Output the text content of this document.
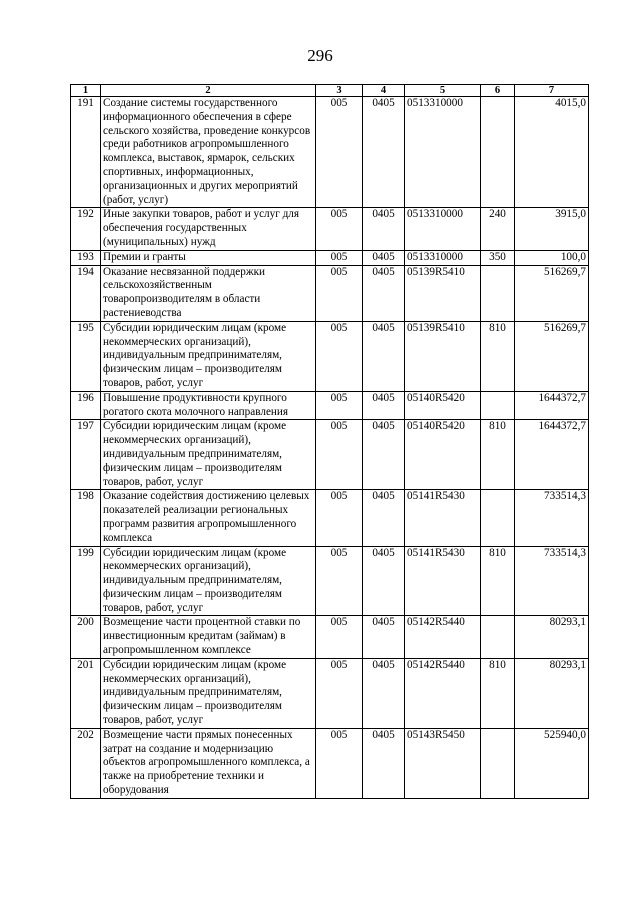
296
1	2	3	4	5	6	7
191	Создание системы государственного информационного обеспечения в сфере сельского хозяйства, проведение конкурсов среди работников агропромышленного комплекса, выставок, ярмарок, сельских спортивных, информационных, организационных и других мероприятий (работ, услуг)	005	0405	0513310000		4015,0
192	Иные закупки товаров, работ и услуг для обеспечения государственных (муниципальных) нужд	005	0405	0513310000	240	3915,0
193	Премии и гранты	005	0405	0513310000	350	100,0
194	Оказание несвязанной поддержки сельскохозяйственным товаропроизводителям в области растениеводства	005	0405	05139R5410		516269,7
195	Субсидии юридическим лицам (кроме некоммерческих организаций), индивидуальным предпринимателям, физическим лицам – производителям товаров, работ, услуг	005	0405	05139R5410	810	516269,7
196	Повышение продуктивности крупного рогатого скота молочного направления	005	0405	05140R5420		1644372,7
197	Субсидии юридическим лицам (кроме некоммерческих организаций), индивидуальным предпринимателям, физическим лицам – производителям товаров, работ, услуг	005	0405	05140R5420	810	1644372,7
198	Оказание содействия достижению целевых показателей реализации региональных программ развития агропромышленного комплекса	005	0405	05141R5430		733514,3
199	Субсидии юридическим лицам (кроме некоммерческих организаций), индивидуальным предпринимателям, физическим лицам – производителям товаров, работ, услуг	005	0405	05141R5430	810	733514,3
200	Возмещение части процентной ставки по инвестиционным кредитам (займам) в агропромышленном комплексе	005	0405	05142R5440		80293,1
201	Субсидии юридическим лицам (кроме некоммерческих организаций), индивидуальным предпринимателям, физическим лицам – производителям товаров, работ, услуг	005	0405	05142R5440	810	80293,1
202	Возмещение части прямых понесенных затрат на создание и модернизацию объектов агропромышленного комплекса, а также на приобретение техники и оборудования	005	0405	05143R5450		525940,0
